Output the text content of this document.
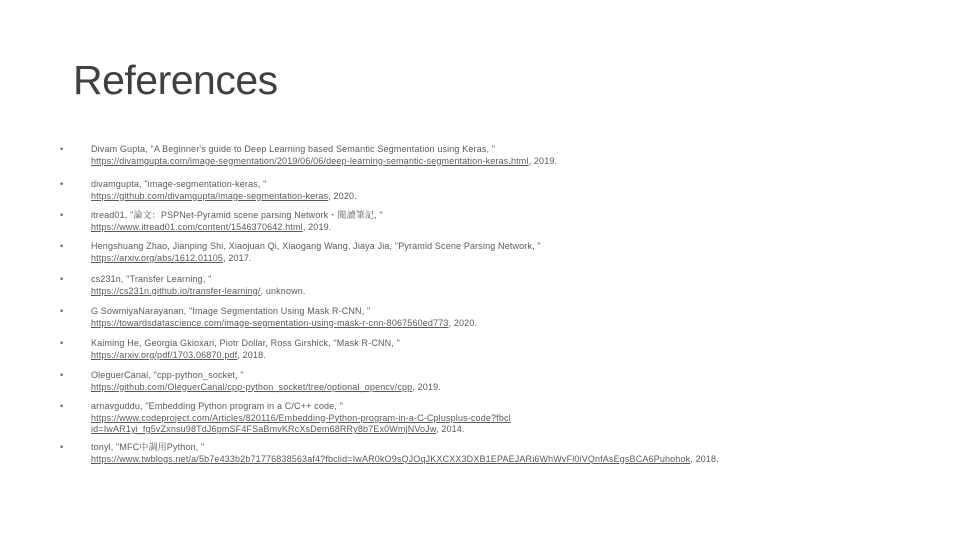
References
•	Divam Gupta, "A Beginner's guide to Deep Learning based Semantic Segmentation using Keras, "
https://divamgupta.com/image-segmentation/2019/06/06/deep-learning-semantic-segmentation-keras.html, 2019.
•	divamgupta, "image-segmentation-keras, "
https://github.com/divamgupta/image-segmentation-keras, 2020.
•	itread01, "論文：PSPNet-Pyramid scene parsing Network・閱讀筆記, "
https://www.itread01.com/content/1546370642.html, 2019.
•	Hengshuang Zhao, Jianping Shi, Xiaojuan Qi, Xiaogang Wang, Jiaya Jia, "Pyramid Scene Parsing Network, "
https://arxiv.org/abs/1612.01105, 2017.
•	cs231n, "Transfer Learning, "
https://cs231n.github.io/transfer-learning/, unknown.
•	G SowmiyaNarayanan, "Image Segmentation Using Mask R-CNN, "
https://towardsdatascience.com/image-segmentation-using-mask-r-cnn-8067560ed773, 2020.
•	Kaiming He, Georgia Gkioxari, Piotr Dollar, Ross Girshick, "Mask R-CNN, "
https://arxiv.org/pdf/1703.06870.pdf, 2018.
•	OleguerCanal, "cpp-python_socket, "
https://github.com/OleguerCanal/cpp-python_socket/tree/optional_opencv/cpp, 2019.
•	arnavguddu, "Embedding Python program in a C/C++ code, "
https://www.codeproject.com/Articles/820116/Embedding-Python-program-in-a-C-Cplusplus-code?fbclid=IwAR1yi_fg5vZxnsu98TdJ6pmSF4FSaBmvKRcXsDem68RRy8b7Ex0WmjNVoJw, 2014.
•	tonyl, "MFC中調用Python, "
https://www.twblogs.net/a/5b7e433b2b71776838563af4?fbclid=IwAR0kO9sQJOqJKXCXX3DXB1EPAEJARi6WhWvFl0iVQnfAsEgsBCA6Puhohok, 2018.
